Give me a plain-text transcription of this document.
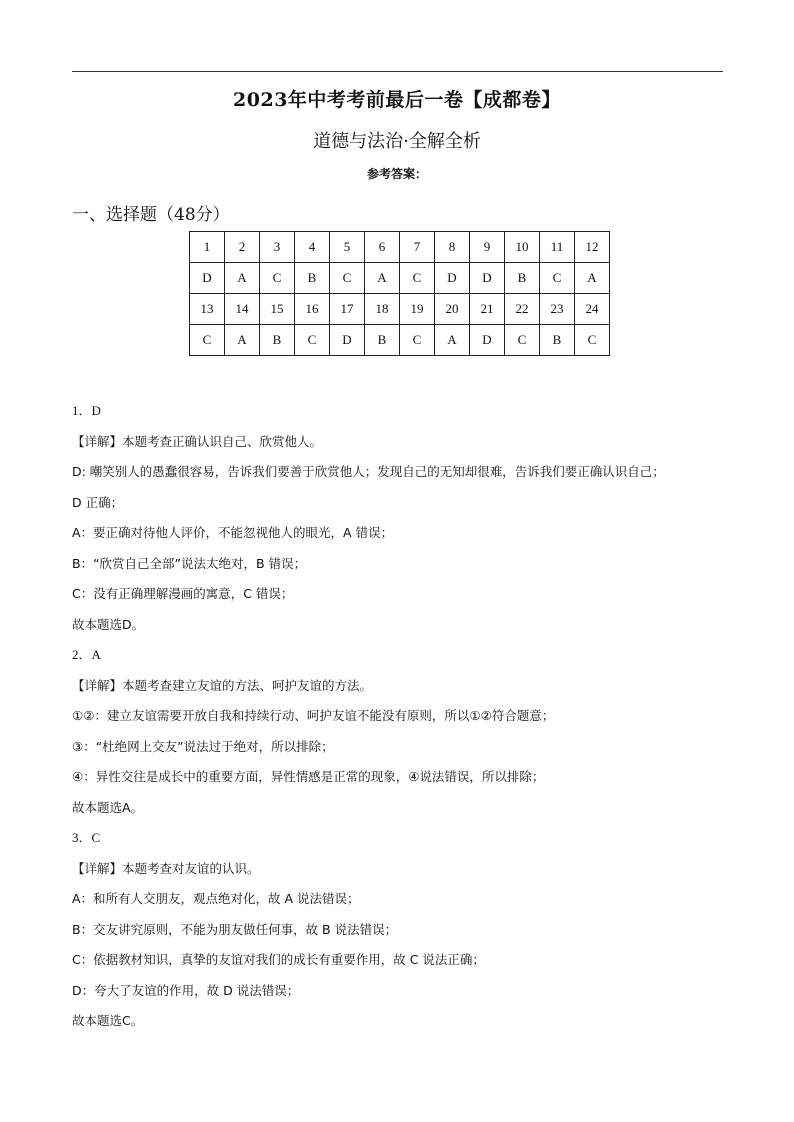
2023年中考考前最后一卷【成都卷】
道德与法治·全解全析
参考答案：
一、选择题（48分）
1	2	3	4	5	6	7	8	9	10	11	12
D	A	C	B	C	A	C	D	D	B	C	A
13	14	15	16	17	18	19	20	21	22	23	24
C	A	B	C	D	B	C	A	D	C	B	C
1．D
【详解】本题考查正确认识自己、欣赏他人。
D: 嘲笑别人的愚蠢很容易，告诉我们要善于欣赏他人；发现自己的无知却很难，告诉我们要正确认识自己；
D 正确；
A：要正确对待他人评价，不能忽视他人的眼光，A 错误；
B：“欣赏自己全部”说法太绝对，B 错误；
C：没有正确理解漫画的寓意，C 错误；
故本题选D。
2．A
【详解】本题考查建立友谊的方法、呵护友谊的方法。
①②：建立友谊需要开放自我和持续行动、呵护友谊不能没有原则，所以①②符合题意；
③：“杜绝网上交友”说法过于绝对，所以排除；
④：异性交往是成长中的重要方面，异性情感是正常的现象，④说法错误，所以排除；
故本题选A。
3．C
【详解】本题考查对友谊的认识。
A：和所有人交朋友，观点绝对化，故 A 说法错误；
B：交友讲究原则，不能为朋友做任何事，故 B 说法错误；
C：依据教材知识，真挚的友谊对我们的成长有重要作用，故 C 说法正确；
D：夸大了友谊的作用，故 D 说法错误；
故本题选C。
